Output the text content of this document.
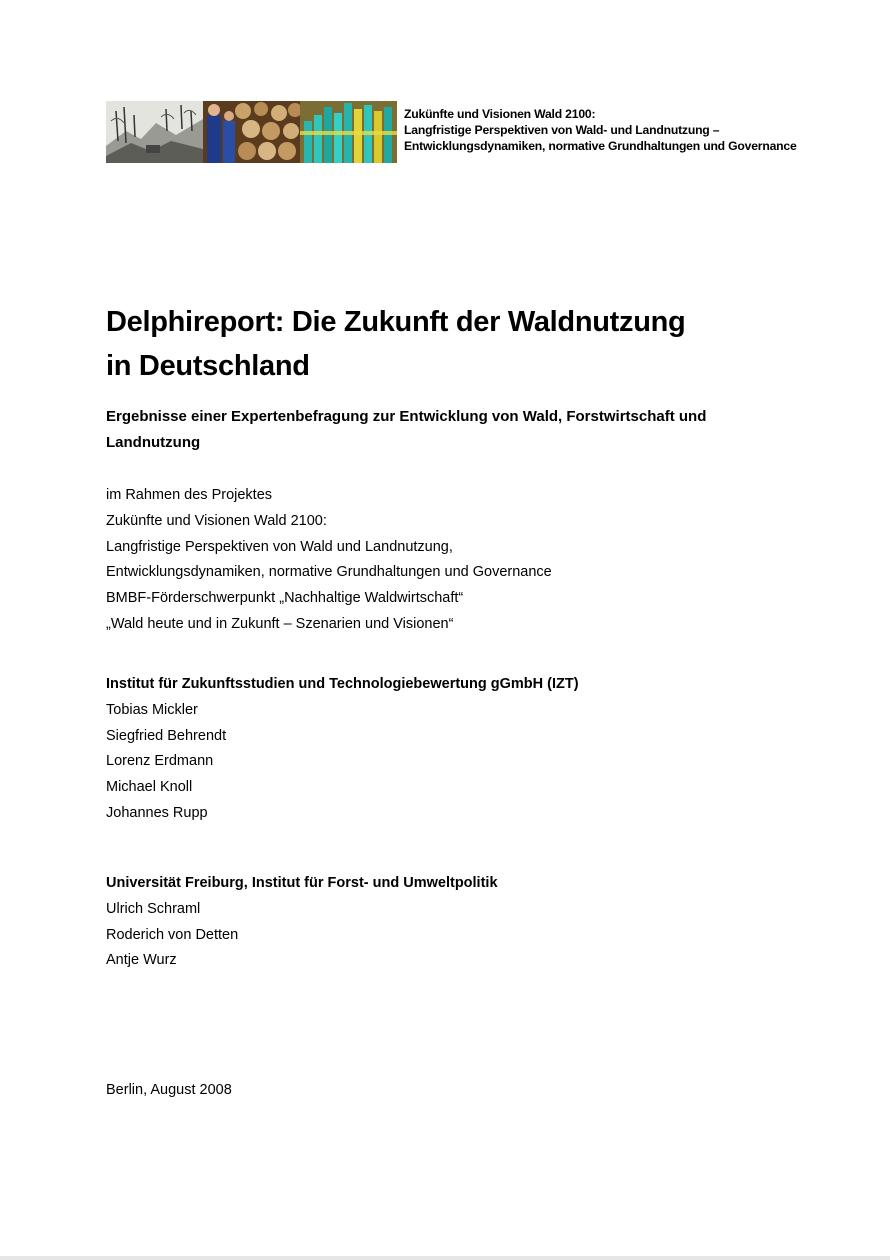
Zukünfte und Visionen Wald 2100:
Langfristige Perspektiven von Wald- und Landnutzung –
Entwicklungsdynamiken, normative Grundhaltungen und Governance
Delphireport: Die Zukunft der Waldnutzung
in Deutschland

Ergebnisse einer Expertenbefragung zur Entwicklung von Wald, Forstwirtschaft und
Landnutzung

im Rahmen des Projektes
Zukünfte und Visionen Wald 2100:
Langfristige Perspektiven von Wald und Landnutzung,
Entwicklungsdynamiken, normative Grundhaltungen und Governance
BMBF-Förderschwerpunkt „Nachhaltige Waldwirtschaft“
„Wald heute und in Zukunft – Szenarien und Visionen“
Institut für Zukunftsstudien und Technologiebewertung gGmbH (IZT)
Tobias Mickler
Siegfried Behrendt
Lorenz Erdmann
Michael Knoll
Johannes Rupp
Universität Freiburg, Institut für Forst- und Umweltpolitik
Ulrich Schraml
Roderich von Detten
Antje Wurz
Berlin, August 2008
